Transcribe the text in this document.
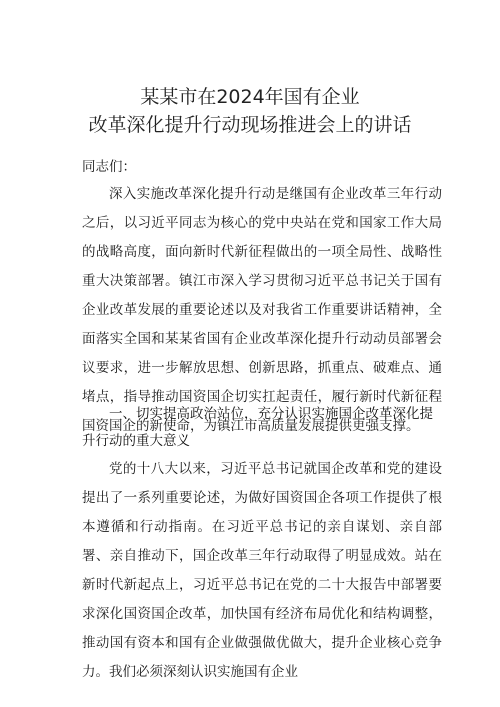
某某市在2024年国有企业
改革深化提升行动现场推进会上的讲话
同志们：
深入实施改革深化提升行动是继国有企业改革三年行动之后，以习近平同志为核心的党中央站在党和国家工作大局的战略高度，面向新时代新征程做出的一项全局性、战略性重大决策部署。镇江市深入学习贯彻习近平总书记关于国有企业改革发展的重要论述以及对我省工作重要讲话精神，全面落实全国和某某省国有企业改革深化提升行动动员部署会议要求，进一步解放思想、创新思路，抓重点、破难点、通堵点，指导推动国资国企切实扛起责任，履行新时代新征程国资国企的新使命，为镇江市高质量发展提供更强支撑。
一、切实提高政治站位，充分认识实施国企改革深化提升行动的重大意义
党的十八大以来，习近平总书记就国企改革和党的建设提出了一系列重要论述，为做好国资国企各项工作提供了根本遵循和行动指南。在习近平总书记的亲自谋划、亲自部署、亲自推动下，国企改革三年行动取得了明显成效。站在新时代新起点上，习近平总书记在党的二十大报告中部署要求深化国资国企改革，加快国有经济布局优化和结构调整，推动国有资本和国有企业做强做优做大，提升企业核心竞争力。我们必须深刻认识实施国有企业
